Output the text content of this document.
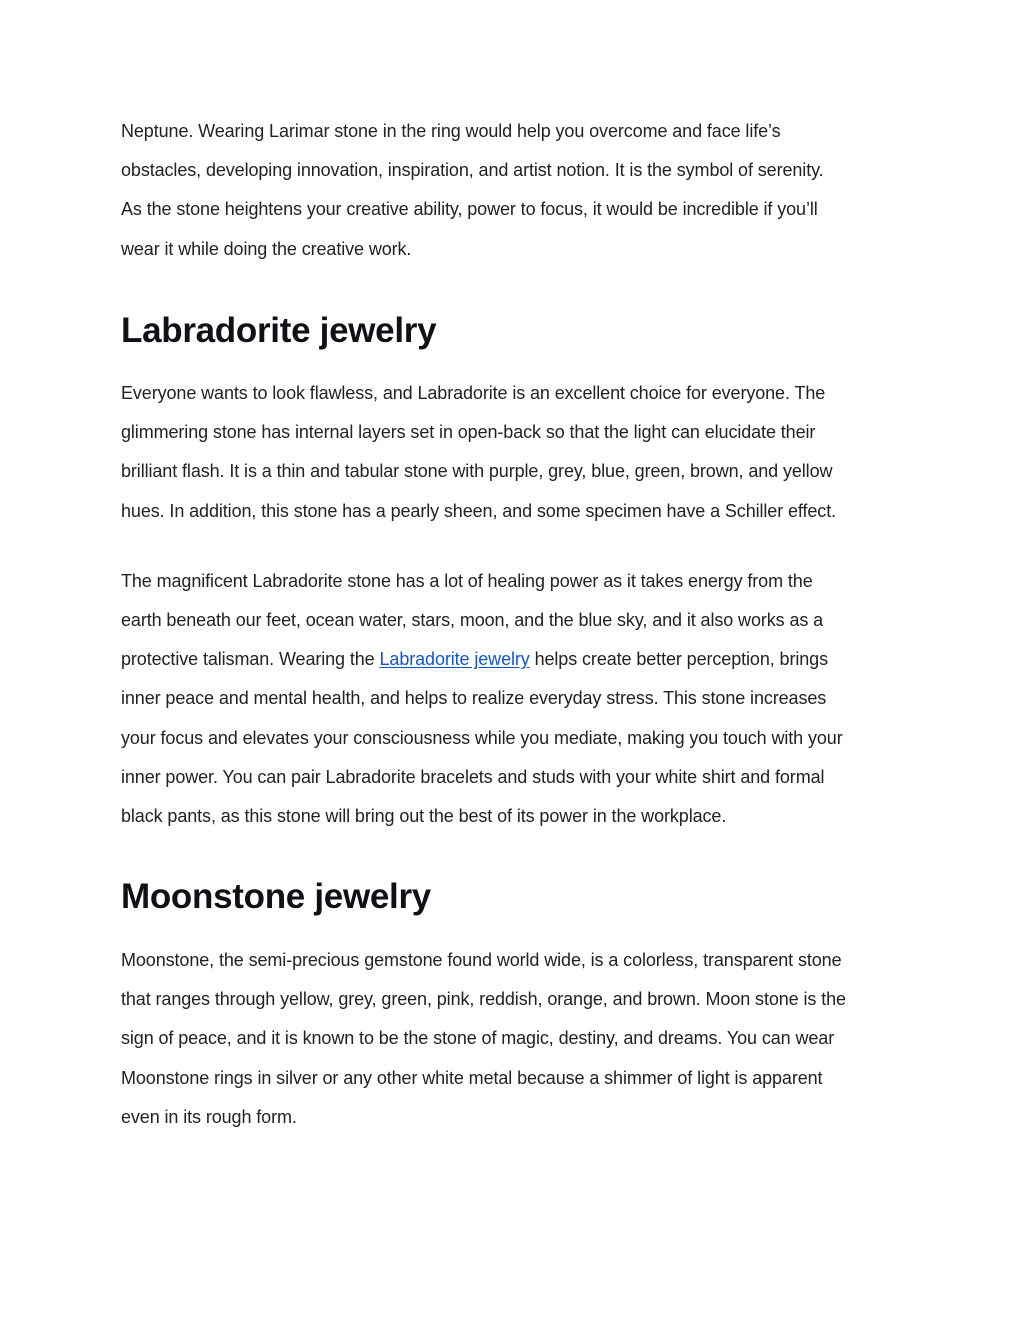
Neptune. Wearing Larimar stone in the ring would help you overcome and face life’s
obstacles, developing innovation, inspiration, and artist notion. It is the symbol of serenity.
As the stone heightens your creative ability, power to focus, it would be incredible if you’ll
wear it while doing the creative work.

Labradorite jewelry

Everyone wants to look flawless, and Labradorite is an excellent choice for everyone. The
glimmering stone has internal layers set in open-back so that the light can elucidate their
brilliant flash. It is a thin and tabular stone with purple, grey, blue, green, brown, and yellow
hues. In addition, this stone has a pearly sheen, and some specimen have a Schiller effect.

The magnificent Labradorite stone has a lot of healing power as it takes energy from the
earth beneath our feet, ocean water, stars, moon, and the blue sky, and it also works as a
protective talisman. Wearing the Labradorite jewelry helps create better perception, brings
inner peace and mental health, and helps to realize everyday stress. This stone increases
your focus and elevates your consciousness while you mediate, making you touch with your
inner power. You can pair Labradorite bracelets and studs with your white shirt and formal
black pants, as this stone will bring out the best of its power in the workplace.

Moonstone jewelry

Moonstone, the semi-precious gemstone found world wide, is a colorless, transparent stone
that ranges through yellow, grey, green, pink, reddish, orange, and brown. Moon stone is the
sign of peace, and it is known to be the stone of magic, destiny, and dreams. You can wear
Moonstone rings in silver or any other white metal because a shimmer of light is apparent
even in its rough form.
